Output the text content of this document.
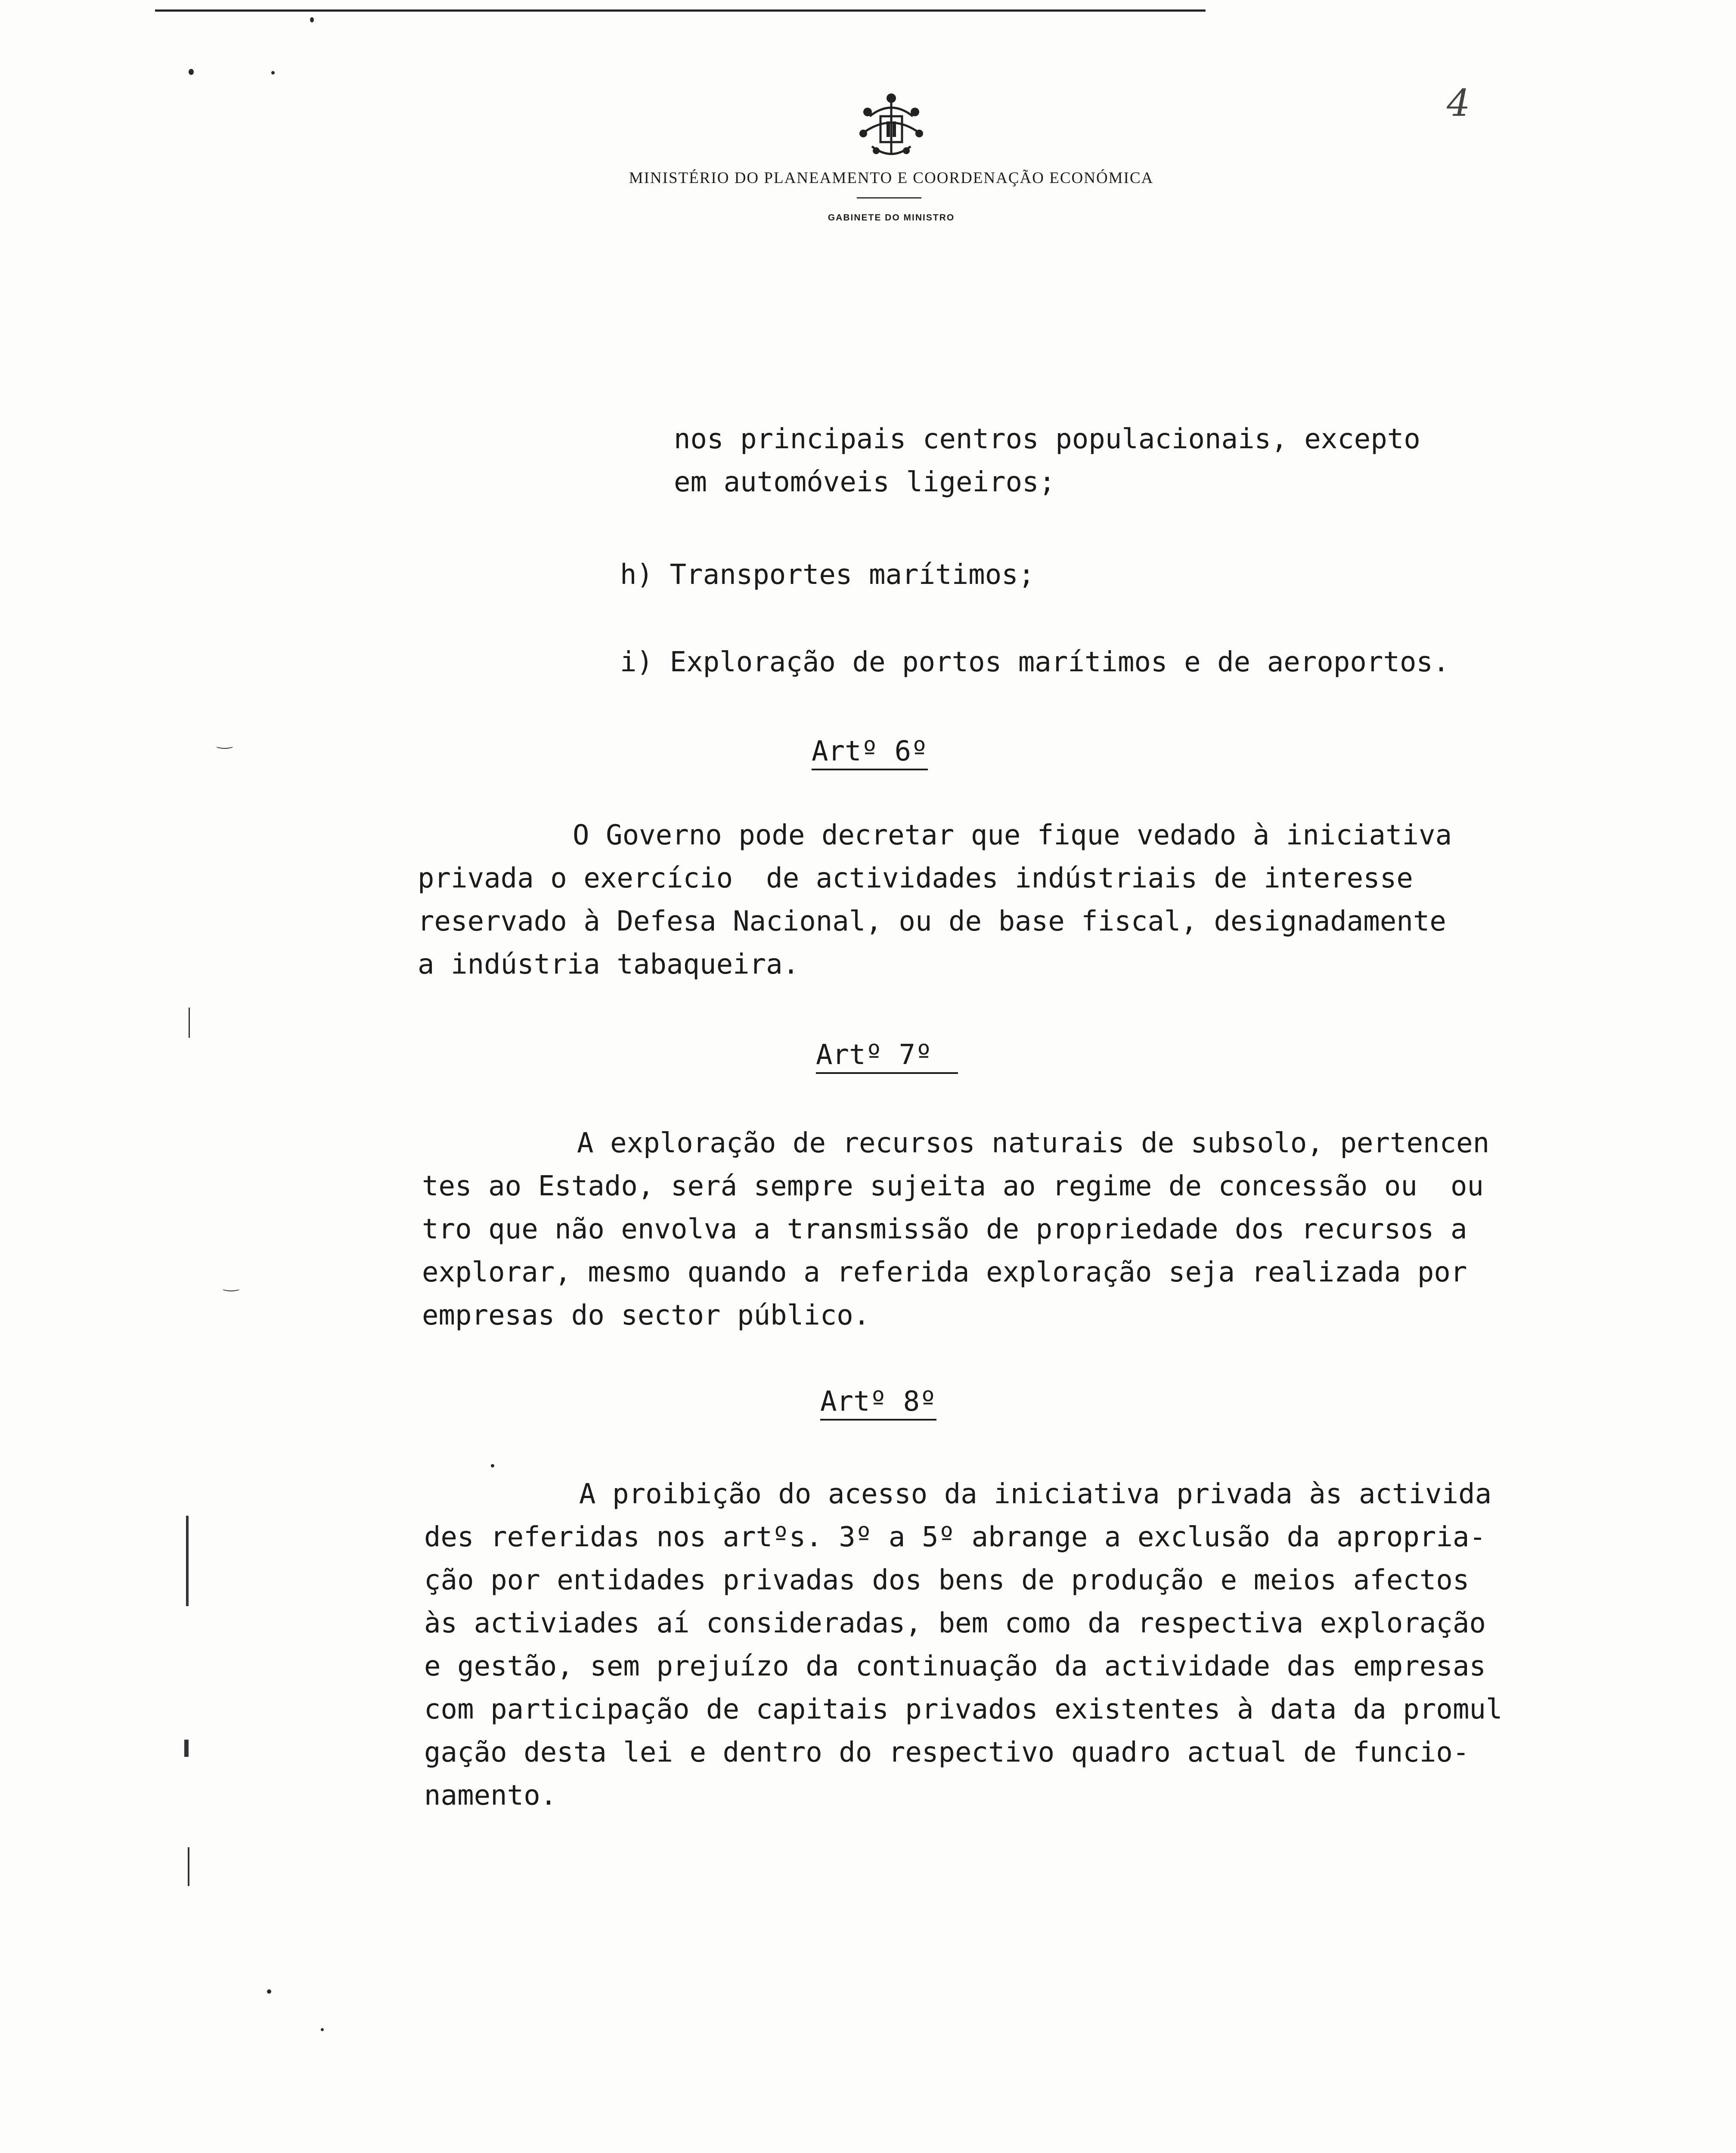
‿
‿
MINISTÉRIO DO PLANEAMENTO E COORDENAÇÃO ECONÓMICA
GABINETE DO MINISTRO
4
nos principais centros populacionais, excepto
em automóveis ligeiros;
h) Transportes marítimos;
i) Exploração de portos marítimos e de aeroportos.
Artº 6º
O Governo pode decretar que fique vedado à iniciativa
privada o exercício  de actividades indústriais de interesse
reservado à Defesa Nacional, ou de base fiscal, designadamente
a indústria tabaqueira.
Artº 7º
A exploração de recursos naturais de subsolo, pertencen
tes ao Estado, será sempre sujeita ao regime de concessão ou  ou
tro que não envolva a transmissão de propriedade dos recursos a
explorar, mesmo quando a referida exploração seja realizada por
empresas do sector público.
Artº 8º
A proibição do acesso da iniciativa privada às activida
des referidas nos artºs. 3º a 5º abrange a exclusão da apropria-
ção por entidades privadas dos bens de produção e meios afectos
às activiades aí consideradas, bem como da respectiva exploração
e gestão, sem prejuízo da continuação da actividade das empresas
com participação de capitais privados existentes à data da promul
gação desta lei e dentro do respectivo quadro actual de funcio-
namento.
